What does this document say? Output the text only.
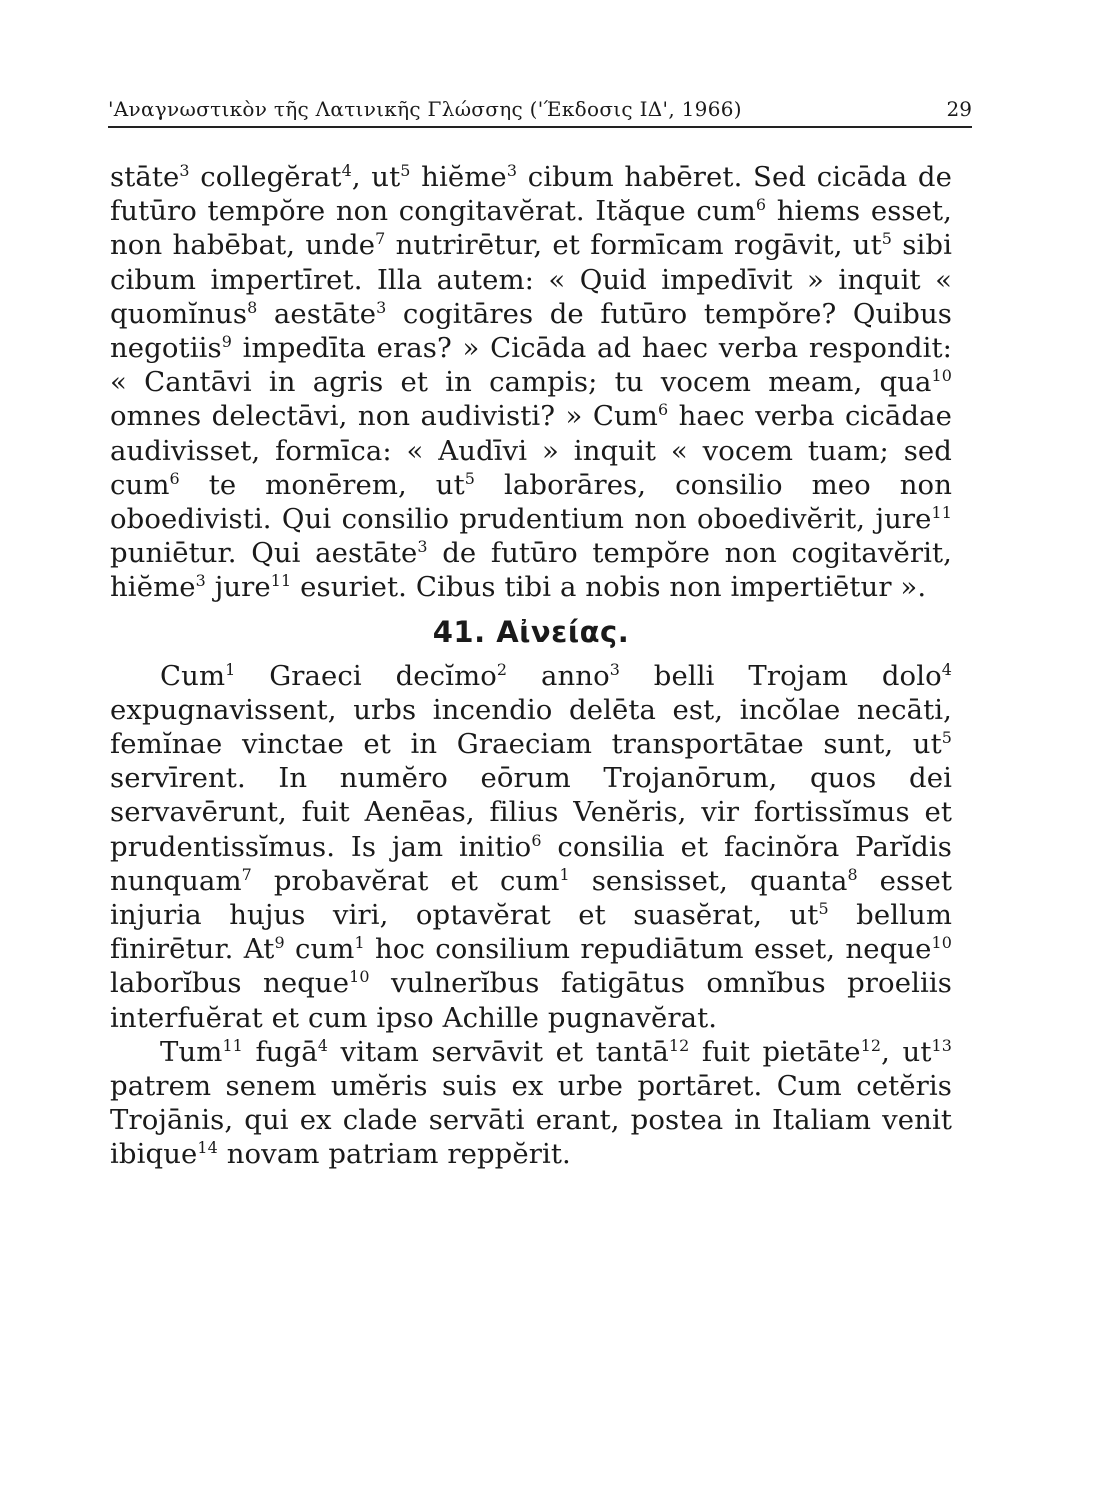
'Αναγνωστικὸν τῆς Λατινικῆς Γλώσσης ('Έκδοσις ΙΔ', 1966)	29

stāte$^3$ collegĕrat$^4$, $ut^5$ hiĕme$^3$ cibum habēret. Sed cicāda de futūro tempŏre non congitavĕrat. Ităque cum$^6$ hiems esset, non habēbat, unde$^7$ nutrirētur, et formīcam rogāvit, $ut^5$ sibi cibum impertīret. Illa autem: « Quid impedīvit » inquit « quomĭnus$^8$ aestāte$^3$ cogitāres de futūro tempŏre? Quibus negotiis$^9$ impedīta eras? » Cicāda ad haec verba respondit: « Cantāvi in agris et in campis; tu vocem meam, qua$^{10}$ omnes delectāvi, non audivisti? » Cum$^6$ haec verba cicādae audivisset, formīca: « Audīvi » inquit « vocem tuam; sed cum$^6$ te monērem, $ut^5$ laborāres, consilio meo non oboedivisti. Qui consilio prudentium non oboedivĕrit, jure$^{11}$ puniētur. Qui aestāte$^3$ de futūro tempŏre non cogitavĕrit, hiĕme$^3$ jure$^{11}$ esuriet. Cibus tibi a nobis non impertiētur ».

41. Αἰνείας.

Cum$^1$ Graeci decĭmo$^2$ anno$^3$ belli Trojam dolo$^4$ expugnavissent, urbs incendio delēta est, incŏlae necāti, femĭnae vinctae et in Graeciam transportātae sunt, $ut^5$ servīrent. In numĕro eōrum Trojanōrum, quos dei servavērunt, fuit Aenēas, filius Venĕris, vir fortissĭmus et prudentissĭmus. Is jam initio$^6$ consilia et facinŏra Parĭdis nunquam$^7$ probavĕrat et cum$^1$ sensisset, quanta$^8$ esset injuria hujus viri, optavĕrat et suasĕrat, $ut^5$ bellum finirētur. At$^9$ cum$^1$ hoc consilium repudiātum esset, neque$^{10}$ laborĭbus neque$^{10}$ vulnerĭbus fatigātus omnĭbus proeliis interfuĕrat et cum ipso Achille pugnavĕrat.

Tum$^{11}$ fugā$^4$ vitam servāvit et tantā$^{12}$ fuit pietāte$^{12}$, $ut^{13}$ patrem senem umĕris suis ex urbe portāret. Cum cetĕris Trojānis, qui ex clade servāti erant, postea in Italiam venit ibique$^{14}$ novam patriam reppĕrit.
